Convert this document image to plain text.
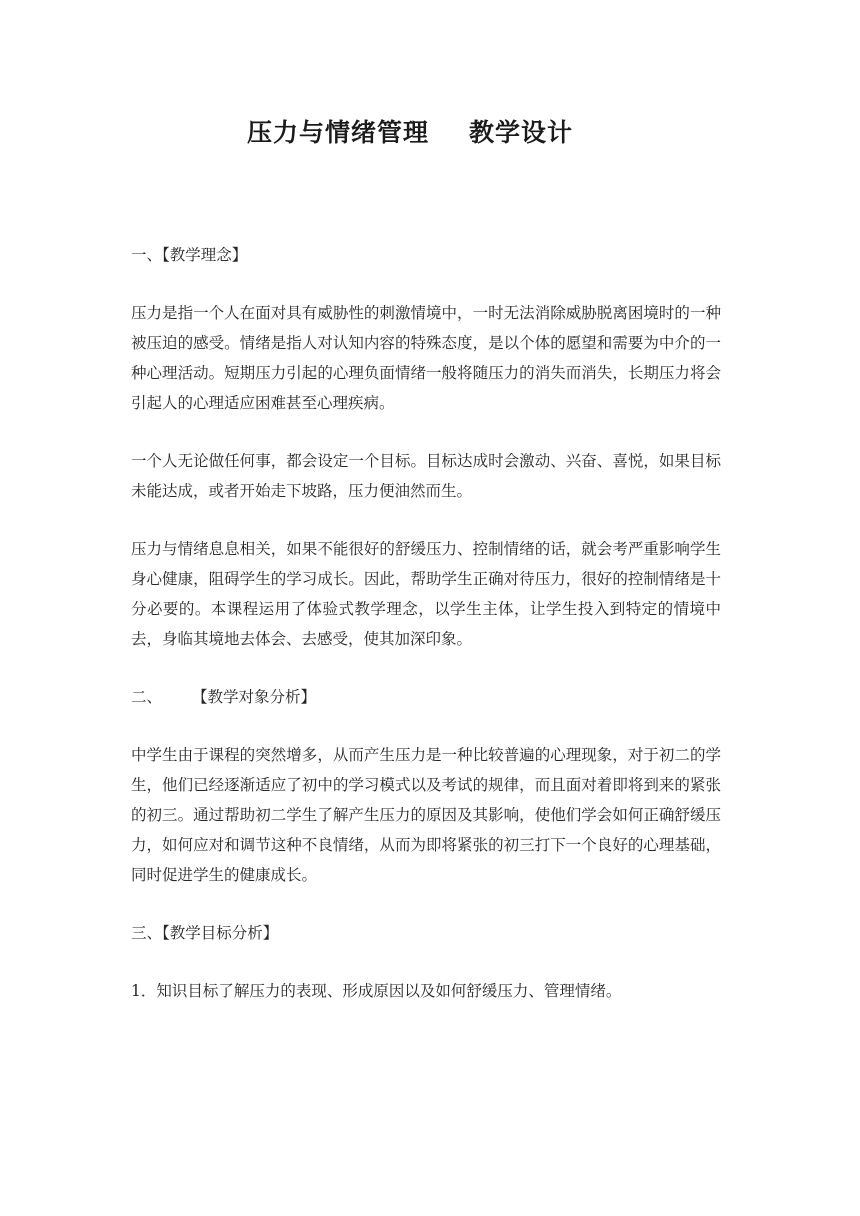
压力与情绪管理 教学设计
一、【教学理念】

压力是指一个人在面对具有威胁性的刺激情境中，一时无法消除威胁脱离困境时的一种被压迫的感受。情绪是指人对认知内容的特殊态度，是以个体的愿望和需要为中介的一种心理活动。短期压力引起的心理负面情绪一般将随压力的消失而消失，长期压力将会引起人的心理适应困难甚至心理疾病。

一个人无论做任何事，都会设定一个目标。目标达成时会激动、兴奋、喜悦，如果目标未能达成，或者开始走下坡路，压力便油然而生。

压力与情绪息息相关，如果不能很好的舒缓压力、控制情绪的话，就会考严重影响学生身心健康，阻碍学生的学习成长。因此，帮助学生正确对待压力，很好的控制情绪是十分必要的。本课程运用了体验式教学理念，以学生主体，让学生投入到特定的情境中去，身临其境地去体会、去感受，使其加深印象。

二、 【教学对象分析】

中学生由于课程的突然增多，从而产生压力是一种比较普遍的心理现象，对于初二的学生，他们已经逐渐适应了初中的学习模式以及考试的规律，而且面对着即将到来的紧张的初三。通过帮助初二学生了解产生压力的原因及其影响，使他们学会如何正确舒缓压力，如何应对和调节这种不良情绪，从而为即将紧张的初三打下一个良好的心理基础，同时促进学生的健康成长。

三、【教学目标分析】

1．知识目标了解压力的表现、形成原因以及如何舒缓压力、管理情绪。
